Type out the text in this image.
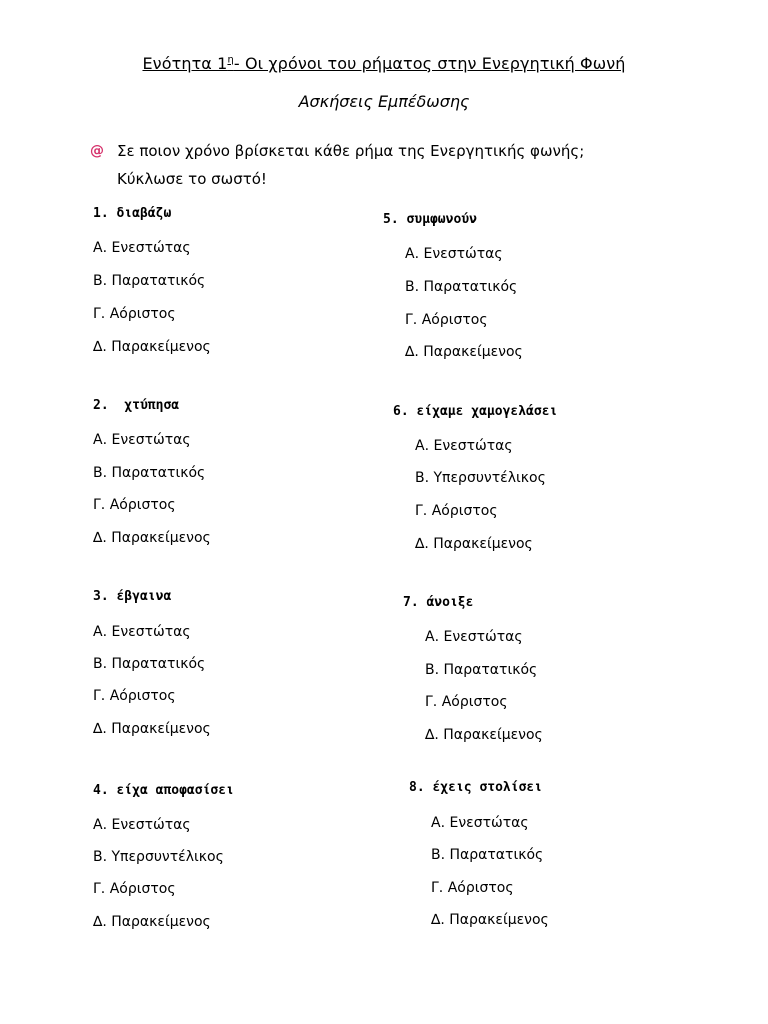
Ενότητα $1^\eta-$ Οι χρόνοι του ρήματος στην Ενεργητική Φωνή
Ασκήσεις Εμπέδωσης
@ Σε ποιον χρόνο βρίσκεται κάθε ρήμα της Ενεργητικής φωνής;
Κύκλωσε το σωστό!
1. διαβάζω
Α. Ενεστώτας
Β. Παρατατικός
Γ. Αόριστος
∆. Παρακείμενος
2.  χτύπησα
Α. Ενεστώτας
Β. Παρατατικός
Γ. Αόριστος
∆. Παρακείμενος
3. έβγαινα
Α. Ενεστώτας
Β. Παρατατικός
Γ. Αόριστος
∆. Παρακείμενος
4. είχα αποφασίσει
Α. Ενεστώτας
Β. Υπερσυντέλικος
Γ. Αόριστος
∆. Παρακείμενος
5. συμφωνούν
Α. Ενεστώτας
Β. Παρατατικός
Γ. Αόριστος
∆. Παρακείμενος
6. είχαμε χαμογελάσει
Α. Ενεστώτας
Β. Υπερσυντέλικος
Γ. Αόριστος
∆. Παρακείμενος
7. άνοιξε
Α. Ενεστώτας
Β. Παρατατικός
Γ. Αόριστος
∆. Παρακείμενος
8. έχεις στολίσει
Α. Ενεστώτας
Β. Παρατατικός
Γ. Αόριστος
∆. Παρακείμενος
